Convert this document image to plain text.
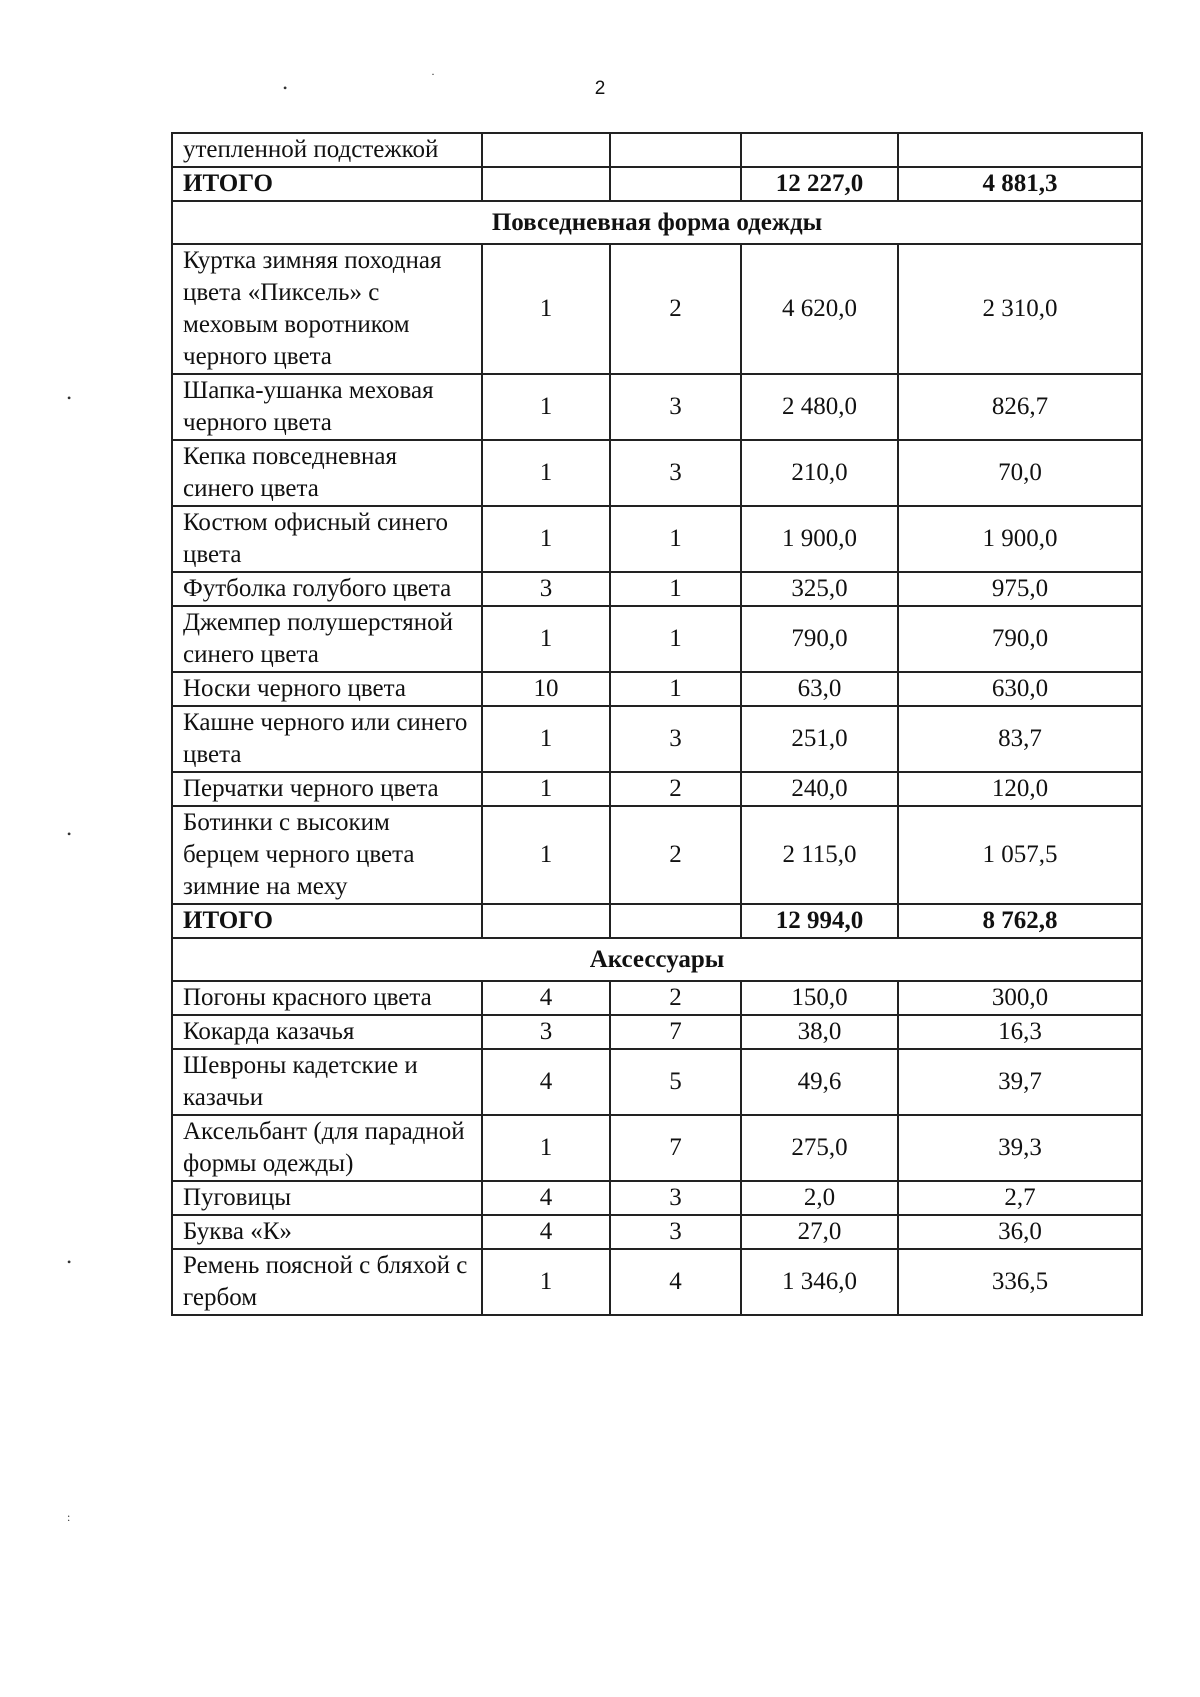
2
•
·
•
•
•
:
утепленной подстежкой				
ИТОГО			12 227,0	4 881,3
Повседневная форма одежды				
Куртка зимняя походная цвета «Пиксель» с меховым воротником черного цвета	1	2	4 620,0	2 310,0
Шапка-ушанка меховая черного цвета	1	3	2 480,0	826,7
Кепка повседневная синего цвета	1	3	210,0	70,0
Костюм офисный синего цвета	1	1	1 900,0	1 900,0
Футболка голубого цвета	3	1	325,0	975,0
Джемпер полушерстяной синего цвета	1	1	790,0	790,0
Носки черного цвета	10	1	63,0	630,0
Кашне черного или синего цвета	1	3	251,0	83,7
Перчатки черного цвета	1	2	240,0	120,0
Ботинки с высоким берцем черного цвета зимние на меху	1	2	2 115,0	1 057,5
ИТОГО			12 994,0	8 762,8
Аксессуары				
Погоны красного цвета	4	2	150,0	300,0
Кокарда казачья	3	7	38,0	16,3
Шевроны кадетские и казачьи	4	5	49,6	39,7
Аксельбант (для парадной формы одежды)	1	7	275,0	39,3
Пуговицы	4	3	2,0	2,7
Буква «К»	4	3	27,0	36,0
Ремень поясной с бляхой с гербом	1	4	1 346,0	336,5
